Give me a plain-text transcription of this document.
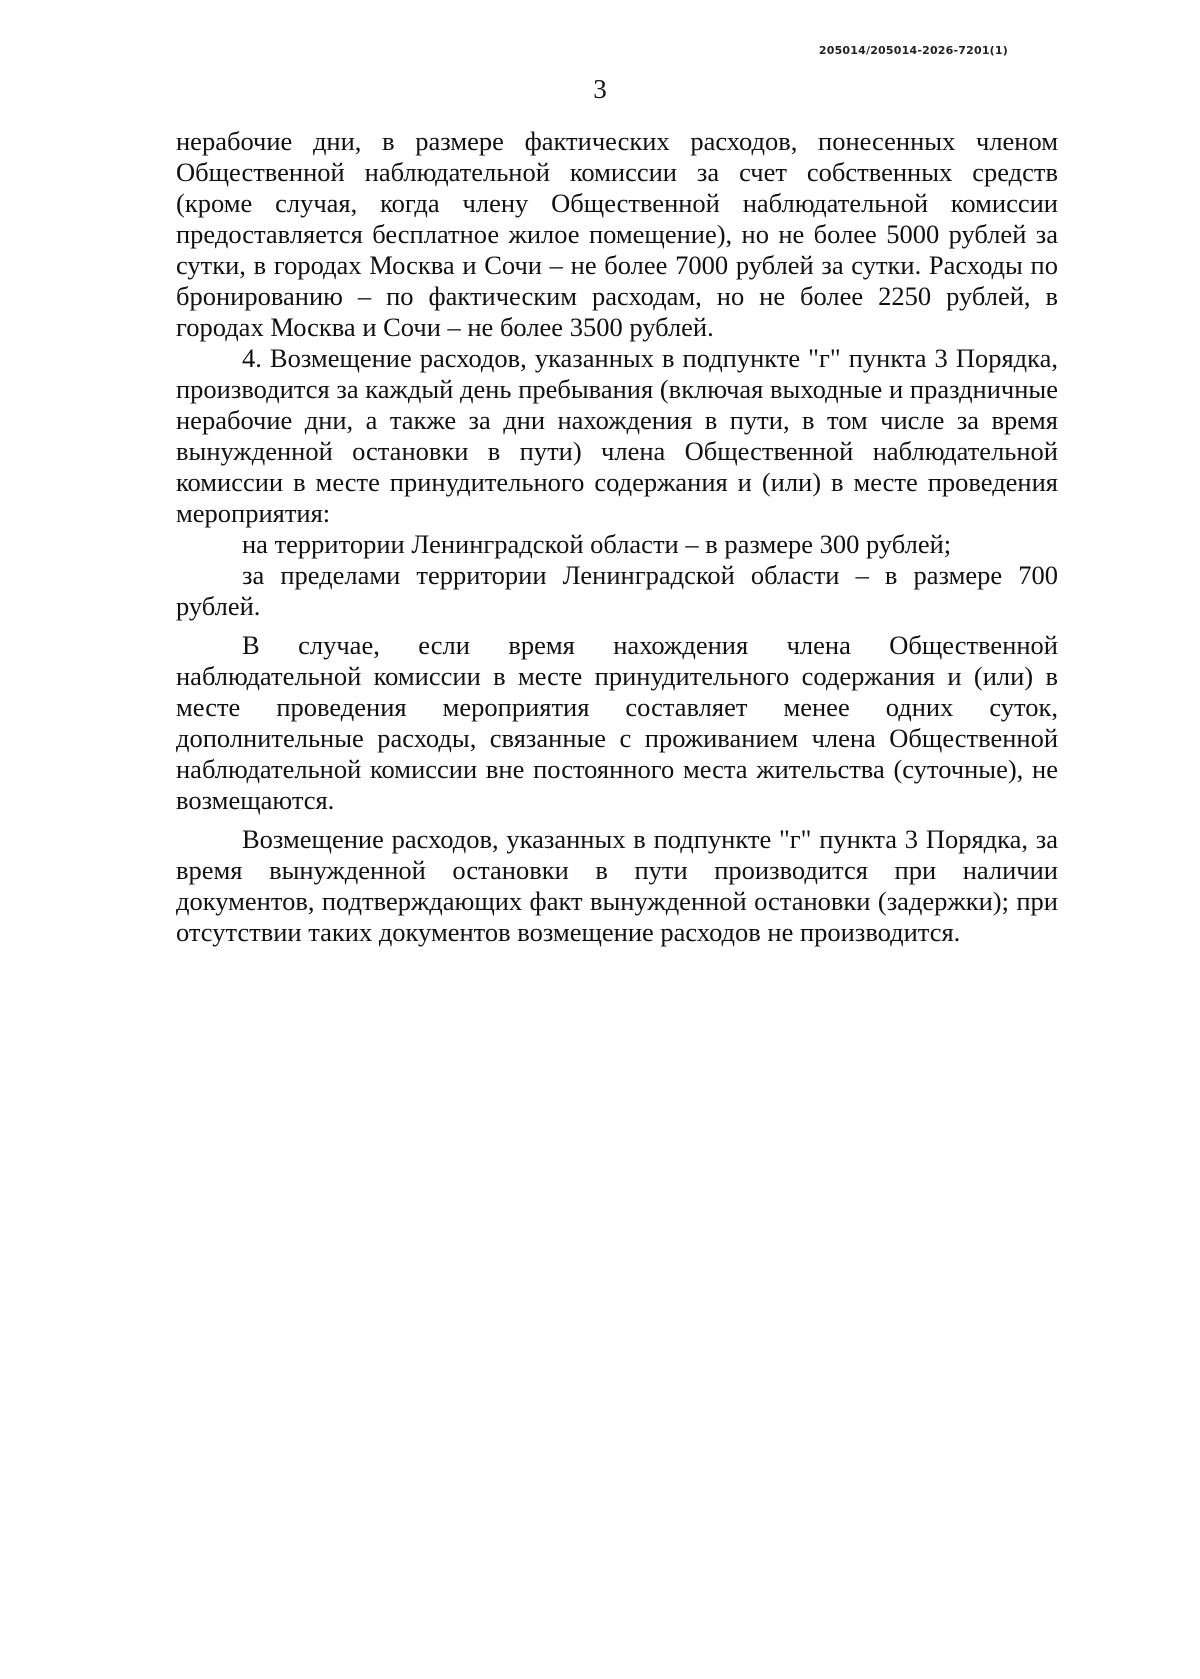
205014/205014-2026-7201(1)
3

нерабочие дни, в размере фактических расходов, понесенных членом Общественной наблюдательной комиссии за счет собственных средств (кроме случая, когда члену Общественной наблюдательной комиссии предоставляется бесплатное жилое помещение), но не более 5000 рублей за сутки, в городах Москва и Сочи – не более 7000 рублей за сутки. Расходы по бронированию – по фактическим расходам, но не более 2250 рублей, в городах Москва и Сочи – не более 3500 рублей.

4. Возмещение расходов, указанных в подпункте "г" пункта 3 Порядка, производится за каждый день пребывания (включая выходные и праздничные нерабочие дни, а также за дни нахождения в пути, в том числе за время вынужденной остановки в пути) члена Общественной наблюдательной комиссии в месте принудительного содержания и (или) в месте проведения мероприятия:

на территории Ленинградской области – в размере 300 рублей;

за пределами территории Ленинградской области – в размере 700 рублей.

В случае, если время нахождения члена Общественной наблюдательной комиссии в месте принудительного содержания и (или) в месте проведения мероприятия составляет менее одних суток, дополнительные расходы, связанные с проживанием члена Общественной наблюдательной комиссии вне постоянного места жительства (суточные), не возмещаются.

Возмещение расходов, указанных в подпункте "г" пункта 3 Порядка, за время вынужденной остановки в пути производится при наличии документов, подтверждающих факт вынужденной остановки (задержки); при отсутствии таких документов возмещение расходов не производится.
